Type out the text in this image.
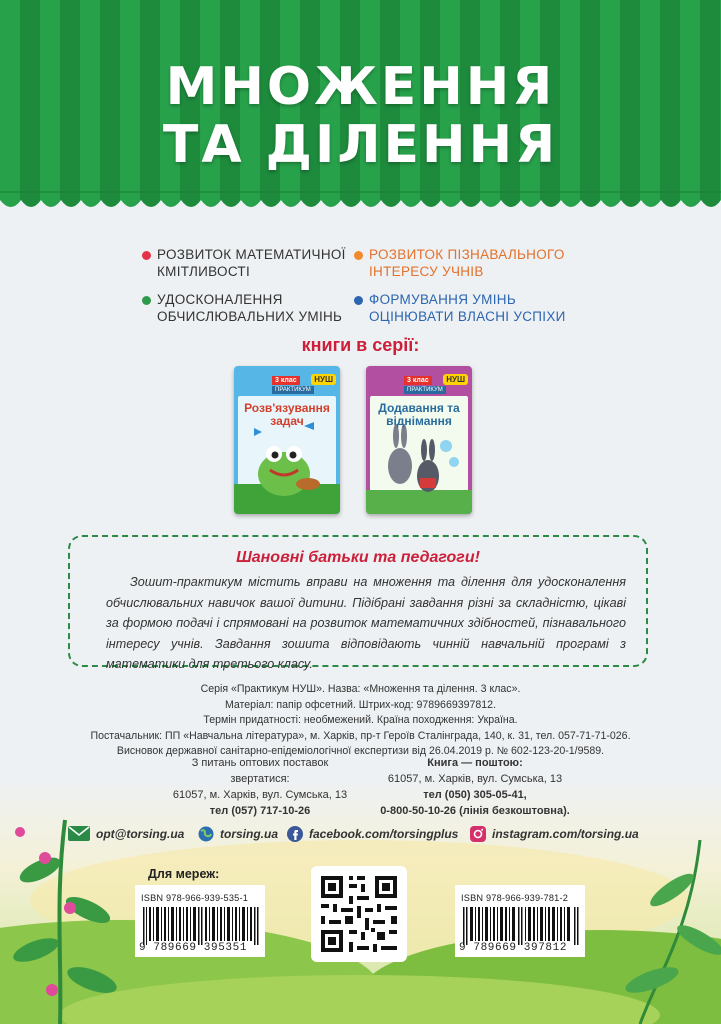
МНОЖЕННЯ
ТА ДІЛЕННЯ
РОЗВИТОК МАТЕМАТИЧНОЇ КМІТЛИВОСТІ
РОЗВИТОК ПІЗНАВАЛЬНОГО ІНТЕРЕСУ УЧНІВ
УДОСКОНАЛЕННЯ ОБЧИСЛЮВАЛЬНИХ УМІНЬ
ФОРМУВАННЯ УМІНЬ ОЦІНЮВАТИ ВЛАСНІ УСПІХИ
книги в серії:
3 клас
ПРАКТИКУМ
НУШ
Розв'язування задач
3 клас
ПРАКТИКУМ
НУШ
Додавання та віднімання
Шановні батьки та педагоги!
Зошит-практикум містить вправи на множення та ділення для удосконалення обчислювальних навичок вашої дитини. Підібрані завдання різні за складністю, цікаві за формою подачі і спрямовані на розвиток математичних здібностей, пізнавального інтересу учнів. Завдання зошита відповідають чинній навчальній програмі з математики для третього класу.
Серія «Практикум НУШ». Назва: «Множення та ділення. 3 клас».
Матеріал: папір офсетний. Штрих-код: 9789669397812.
Термін придатності: необмежений. Країна походження: Україна.
Постачальник: ПП «Навчальна література», м. Харків, пр-т Героїв Сталінграда, 140, к. 31, тел. 057-71-71-026.
Висновок державної санітарно-епідеміологічної експертизи від 26.04.2019 р. № 602-123-20-1/9589.
З питань оптових поставок
звертатися:
61057, м. Харків, вул. Сумська, 13
тел (057) 717-10-26
Книга — поштою:
61057, м. Харків, вул. Сумська, 13
тел (050) 305-05-41,
0-800-50-10-26 (лінія безкоштовна).
opt@torsing.ua	torsing.ua	facebook.com/torsingplus	instagram.com/torsing.ua
Для мереж:
ISBN 978-966-939-535-1
9 789669 395351
ISBN 978-966-939-781-2
9 789669 397812
